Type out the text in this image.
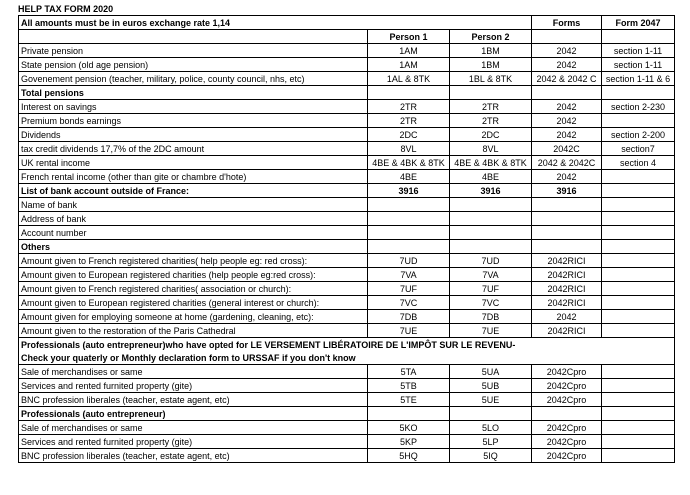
HELP TAX FORM 2020
All amounts must be in euros exchange rate 1,14			Forms	Form 2047
	Person 1	Person 2		
Private pension	1AM	1BM	2042	section 1-11
State pension (old age pension)	1AM	1BM	2042	section 1-11
Govenement pension (teacher, military, police, county council, nhs, etc)	1AL & 8TK	1BL & 8TK	2042 & 2042 C	section 1-11 & 6
Total pensions				
Interest on savings	2TR	2TR	2042	section 2-230
Premium bonds earnings	2TR	2TR	2042	
Dividends	2DC	2DC	2042	section 2-200
tax credit dividends 17,7% of the 2DC amount	8VL	8VL	2042C	section7
UK rental income	4BE & 4BK & 8TK	4BE & 4BK & 8TK	2042 & 2042C	section 4
French rental income (other than gite or chambre d'hote)	4BE	4BE	2042	
List of bank account outside of France:	3916	3916	3916	
Name of bank				
Address of bank				
Account number				
Others				
Amount given to French registered charities( help people eg: red cross):	7UD	7UD	2042RICI	
Amount given to European registered charities (help people eg:red cross):	7VA	7VA	2042RICI	
Amount given to French registered charities( association or church):	7UF	7UF	2042RICI	
Amount given to European registered charities (general interest or church):	7VC	7VC	2042RICI	
Amount given for employing someone at home (gardening, cleaning, etc):	7DB	7DB	2042	
Amount given to the restoration of the Paris Cathedral	7UE	7UE	2042RICI	
Professionals (auto entrepreneur)who have opted for LE VERSEMENT LIBÉRATOIRE DE L'IMPÔT SUR LE REVENU-				
Check your quaterly or Monthly declaration form to URSSAF if you don't know				
Sale of merchandises or same	5TA	5UA	2042Cpro	
Services and rented furnited property (gite)	5TB	5UB	2042Cpro	
BNC profession liberales (teacher, estate agent, etc)	5TE	5UE	2042Cpro	
Professionals (auto entrepreneur)				
Sale of merchandises or same	5KO	5LO	2042Cpro	
Services and rented furnited property (gite)	5KP	5LP	2042Cpro	
BNC profession liberales (teacher, estate agent, etc)	5HQ	5IQ	2042Cpro	
